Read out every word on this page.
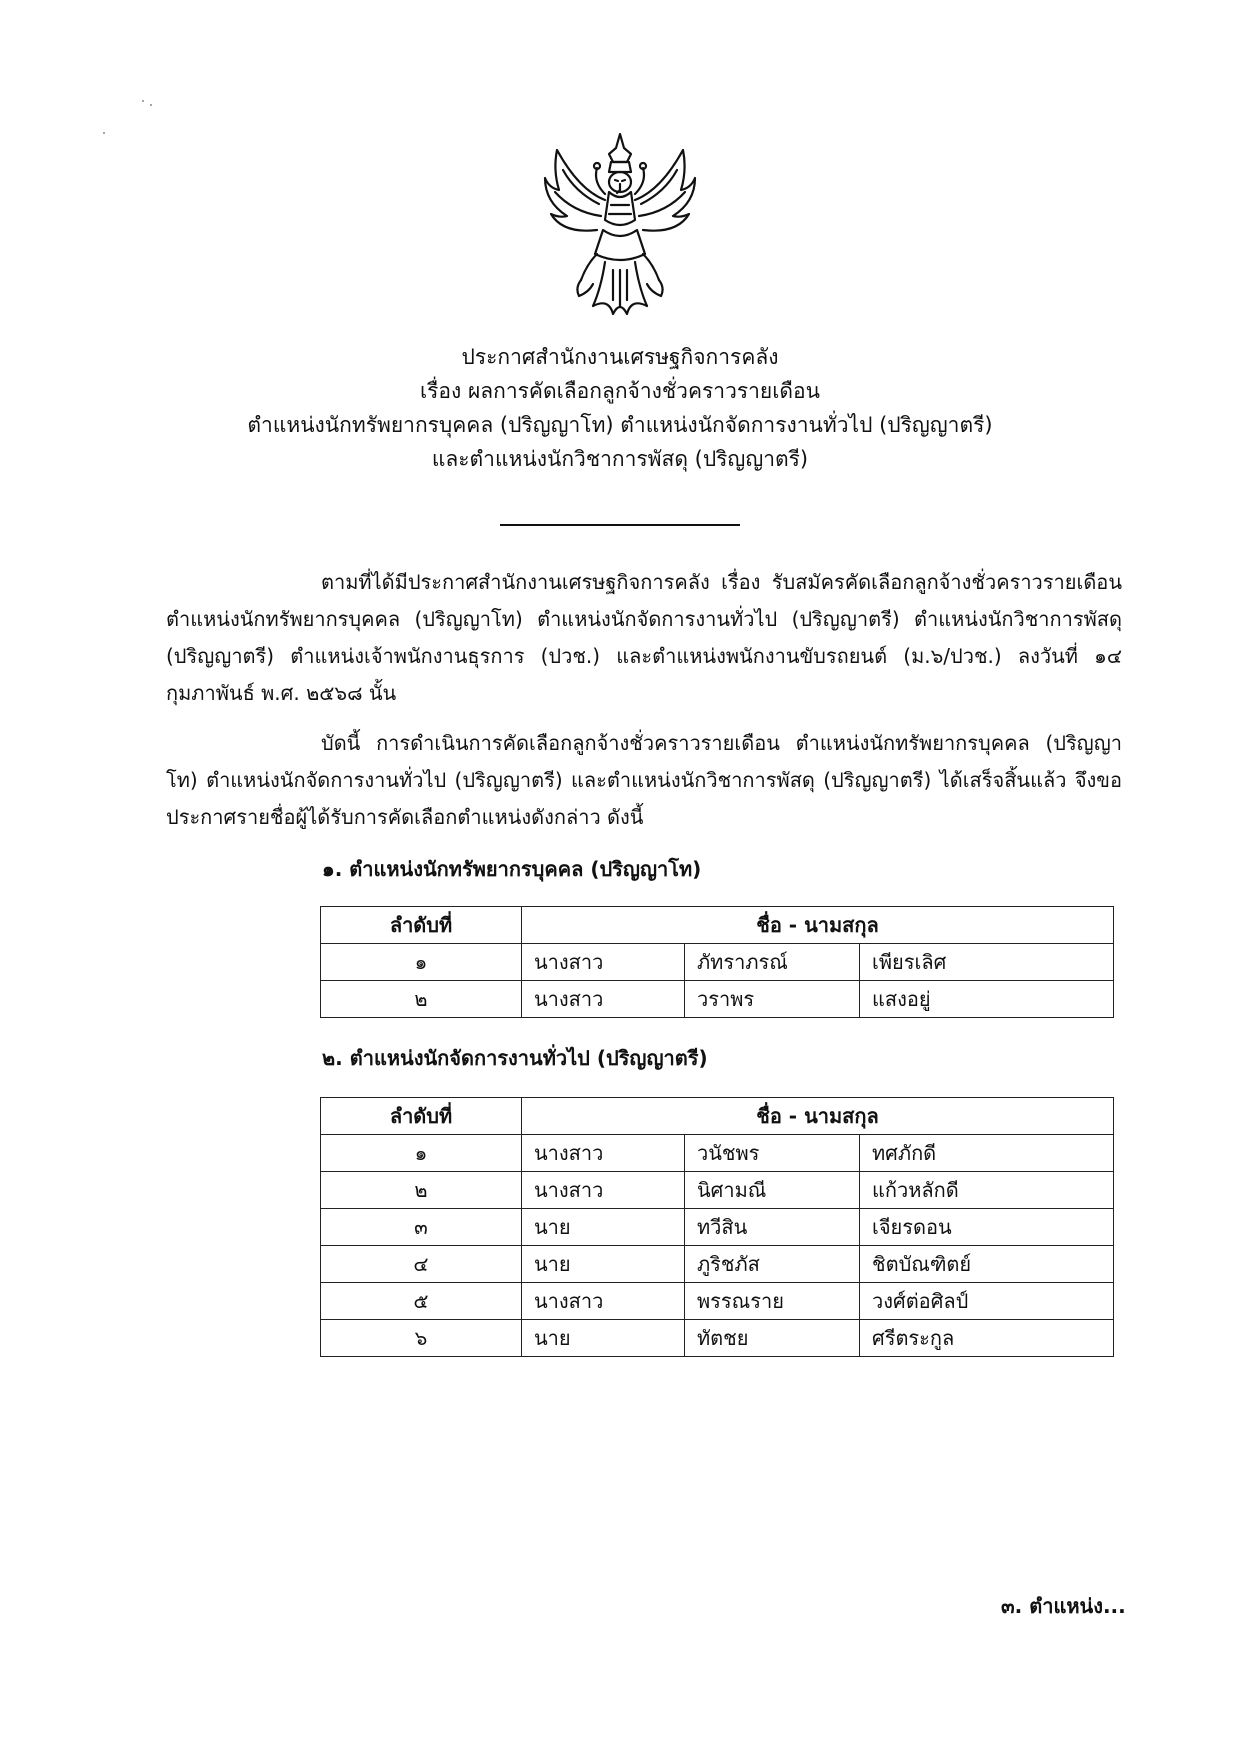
ประกาศสำนักงานเศรษฐกิจการคลัง
เรื่อง ผลการคัดเลือกลูกจ้างชั่วคราวรายเดือน
ตำแหน่งนักทรัพยากรบุคคล (ปริญญาโท) ตำแหน่งนักจัดการงานทั่วไป (ปริญญาตรี)
และตำแหน่งนักวิชาการพัสดุ (ปริญญาตรี)
ตามที่ได้มีประกาศสำนักงานเศรษฐกิจการคลัง เรื่อง รับสมัครคัดเลือกลูกจ้างชั่วคราวรายเดือน ตำแหน่งนักทรัพยากรบุคคล (ปริญญาโท) ตำแหน่งนักจัดการงานทั่วไป (ปริญญาตรี) ตำแหน่งนักวิชาการพัสดุ (ปริญญาตรี) ตำแหน่งเจ้าพนักงานธุรการ (ปวช.) และตำแหน่งพนักงานขับรถยนต์ (ม.๖/ปวช.) ลงวันที่ ๑๔ กุมภาพันธ์ พ.ศ. ๒๕๖๘ นั้น
บัดนี้ การดำเนินการคัดเลือกลูกจ้างชั่วคราวรายเดือน ตำแหน่งนักทรัพยากรบุคคล (ปริญญาโท) ตำแหน่งนักจัดการงานทั่วไป (ปริญญาตรี) และตำแหน่งนักวิชาการพัสดุ (ปริญญาตรี) ได้เสร็จสิ้นแล้ว จึงขอประกาศรายชื่อผู้ได้รับการคัดเลือกตำแหน่งดังกล่าว ดังนี้
๑. ตำแหน่งนักทรัพยากรบุคคล (ปริญญาโท)
ลำดับที่	ชื่อ - นามสกุล		
๑	นางสาว	ภัทราภรณ์	เพียรเลิศ
๒	นางสาว	วราพร	แสงอยู่
๒. ตำแหน่งนักจัดการงานทั่วไป (ปริญญาตรี)
ลำดับที่	ชื่อ - นามสกุล		
๑	นางสาว	วนัชพร	ทศภักดี
๒	นางสาว	นิศามณี	แก้วหลักดี
๓	นาย	ทวีสิน	เจียรดอน
๔	นาย	ภูริชภัส	ชิตบัณฑิตย์
๕	นางสาว	พรรณราย	วงศ์ต่อศิลป์
๖	นาย	ทัตชย	ศรีตระกูล
๓. ตำแหน่ง...
